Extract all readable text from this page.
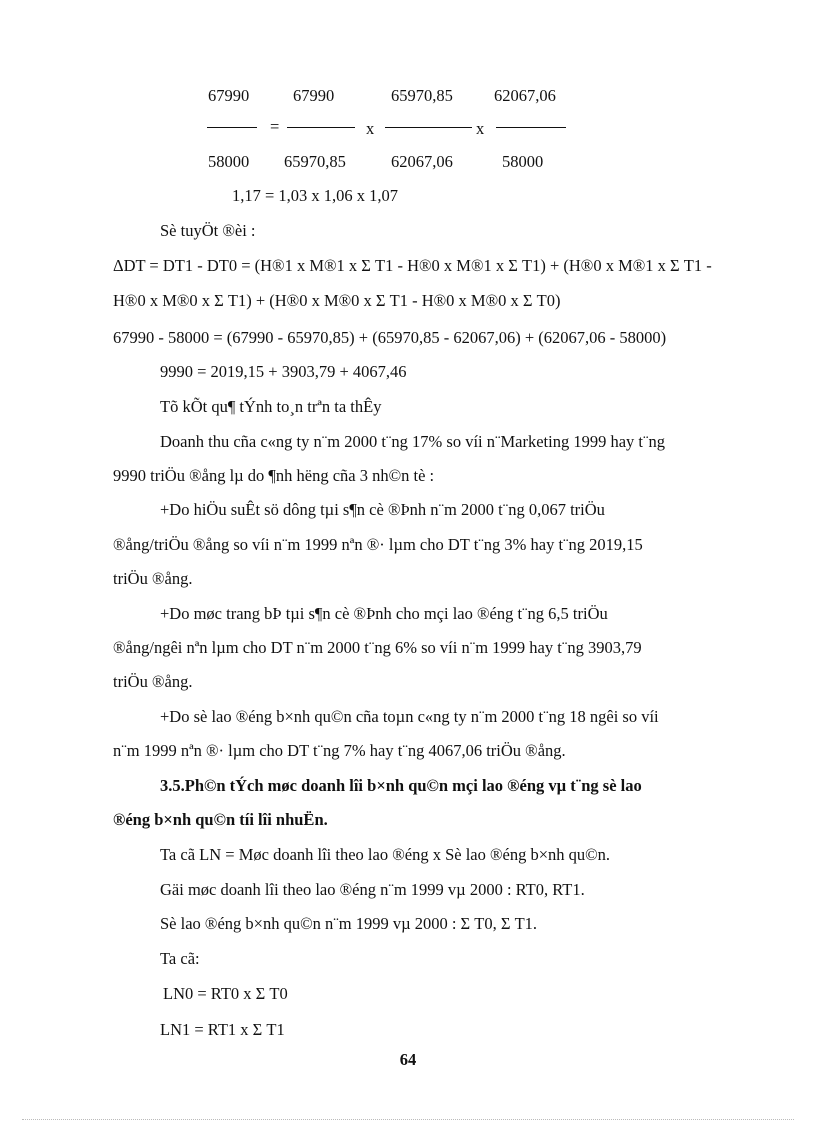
67990	67990	65970,85 62067,06
=	x	x
58000 65970,85	62067,06	58000
1,17 = 1,03 x 1,06 x 1,07
Sè tuyÖt ®èi :
ΔDT = DT1 - DT0 = (H®1 x M®1 x Σ T1 - H®0 x M®1 x Σ T1) + (H®0 x M®1 x Σ T1 -
H®0 x M®0 x Σ T1) + (H®0 x M®0 x Σ T1 - H®0 x M®0 x Σ T0)
67990 - 58000 = (67990 - 65970,85) + (65970,85 - 62067,06) + (62067,06 - 58000)
9990 = 2019,15 + 3903,79 + 4067,46
Tõ kÕt qu¶ tÝnh to¸n trªn ta thÊy
Doanh thu cña c«ng ty n¨m 2000 t¨ng 17% so víi n¨Marketing 1999 hay t¨ng
9990 triÖu ®ång lµ do ¶nh hëng cña 3 nh©n tè :
+Do hiÖu suÊt sö dông tµi s¶n cè ®Þnh n¨m 2000 t¨ng 0,067 triÖu
®ång/triÖu ®ång so víi n¨m 1999 nªn ®· lµm cho DT t¨ng 3% hay t¨ng 2019,15
triÖu ®ång.
+Do møc trang bÞ tµi s¶n cè ®Þnh cho mçi lao ®éng t¨ng 6,5 triÖu
®ång/ngêi nªn lµm cho DT n¨m 2000 t¨ng 6% so víi n¨m 1999 hay t¨ng 3903,79
triÖu ®ång.
+Do sè lao ®éng b×nh qu©n cña toµn c«ng ty n¨m 2000 t¨ng 18 ngêi so víi
n¨m 1999 nªn ®· lµm cho DT t¨ng 7% hay t¨ng 4067,06 triÖu ®ång.
3.5.Ph©n tÝch møc doanh lîi b×nh qu©n mçi lao ®éng vµ t¨ng sè lao
®éng b×nh qu©n tíi lîi nhuËn.
Ta cã LN = Møc doanh lîi theo lao ®éng x Sè lao ®éng b×nh qu©n.
Gäi møc doanh lîi theo lao ®éng n¨m 1999 vµ 2000 : RT0, RT1.
Sè lao ®éng b×nh qu©n n¨m 1999 vµ 2000 : Σ T0, Σ T1.
Ta cã:
LN0 = RT0 x Σ T0
LN1 = RT1 x Σ T1
64
